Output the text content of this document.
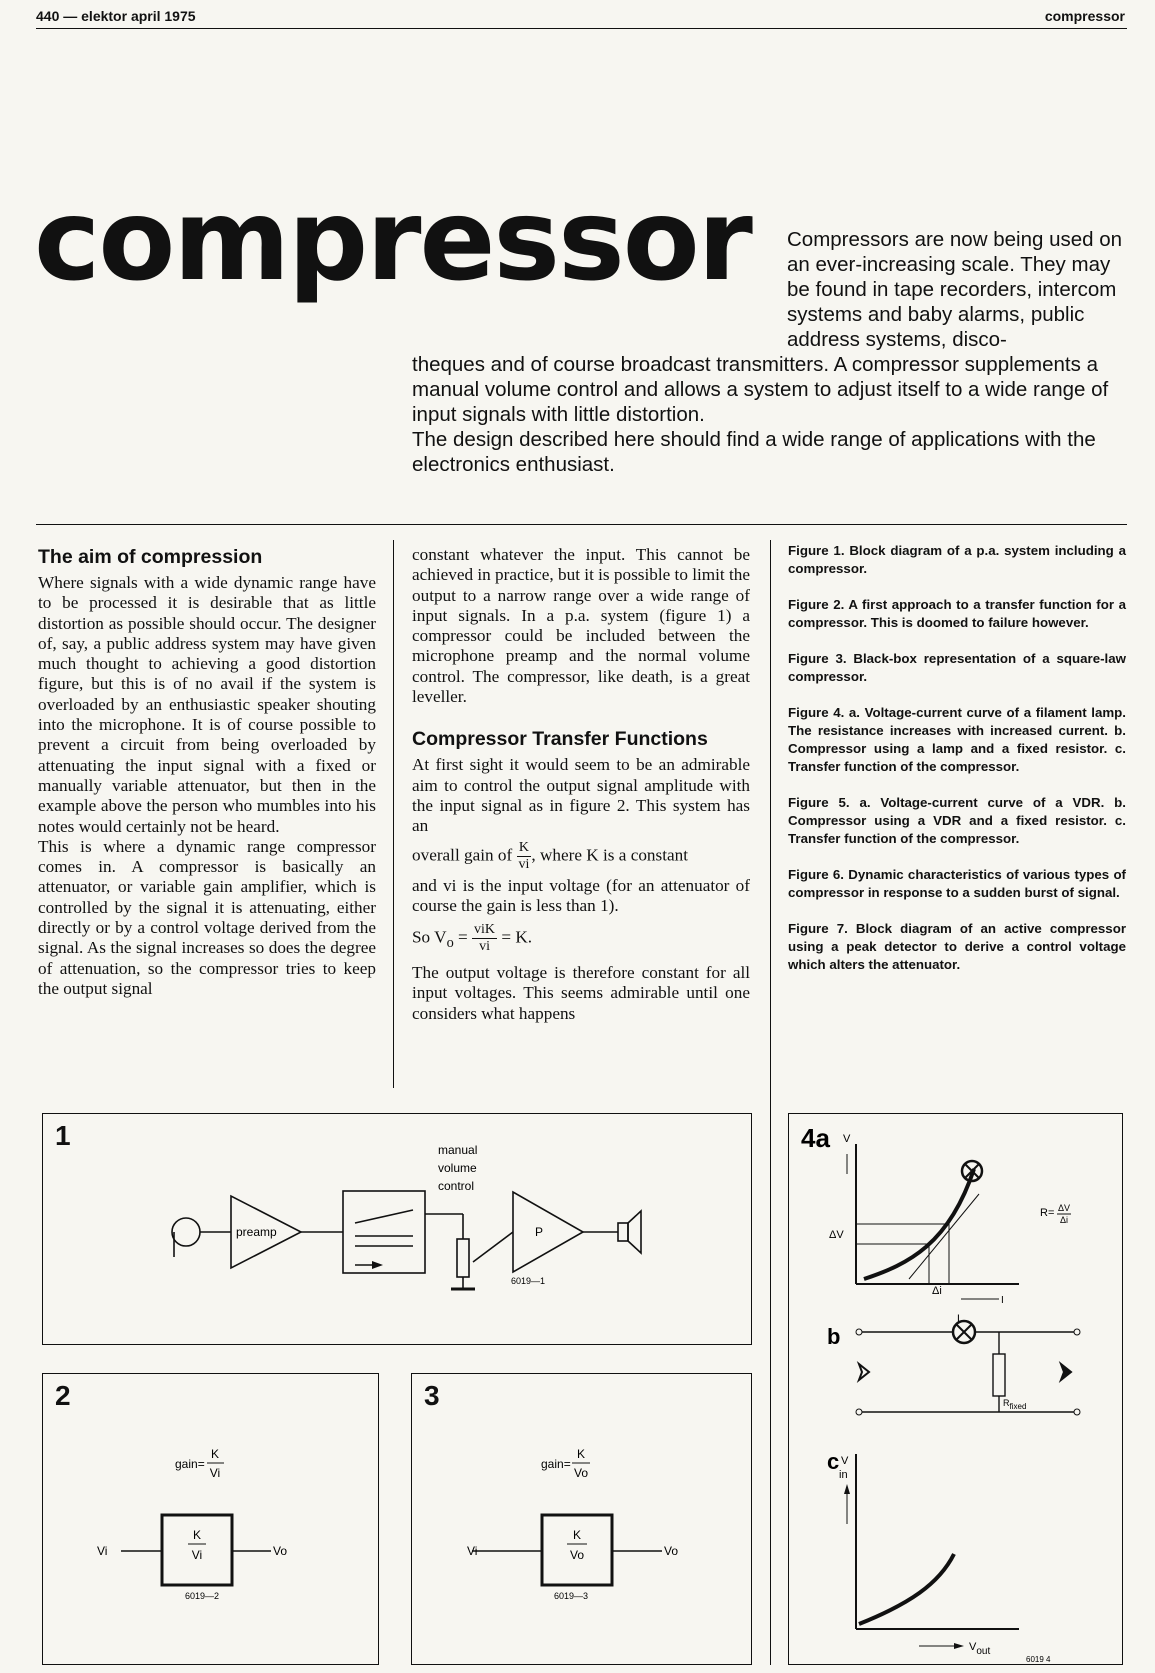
440 — elektor april 1975	compressor
compressor Compressors are now being used on an ever-increasing scale. They may be found in tape recorders, intercom systems and baby alarms, public address systems, disco-

theques and of course broadcast transmitters. A compressor supplements a manual volume control and allows a system to adjust itself to a wide range of input signals with little distortion.

The design described here should find a wide range of applications with the electronics enthusiast.

The aim of compression

Where signals with a wide dynamic range have to be processed it is desirable that as little distortion as possible should occur. The designer of, say, a public address system may have given much thought to achieving a good distortion figure, but this is of no avail if the system is overloaded by an enthusiastic speaker shouting into the microphone. It is of course possible to prevent a circuit from being overloaded by attenuating the input signal with a fixed or manually variable attenuator, but then in the example above the person who mumbles into his notes would certainly not be heard.

This is where a dynamic range compressor comes in. A compressor is basically an attenuator, or variable gain amplifier, which is controlled by the signal it is attenuating, either directly or by a control voltage derived from the signal. As the signal increases so does the degree of attenuation, so the compressor tries to keep the output signal

constant whatever the input. This cannot be achieved in practice, but it is possible to limit the output to a narrow range over a wide range of input signals. In a p.a. system (figure 1) a compressor could be included between the microphone preamp and the normal volume control. The compressor, like death, is a great leveller.

Compressor Transfer Functions

At first sight it would seem to be an admirable aim to control the output signal amplitude with the input signal as in figure 2. This system has an

overall gain of $\frac{K}{vi}$ , where K is a constant

and vi is the input voltage (for an attenuator of course the gain is less than 1).

So $V_o = \frac{\text{viK}}{vi} = K$.

The output voltage is therefore constant for all input voltages. This seems admirable until one considers what happens

Figure 1. Block diagram of a p.a. system including a compressor.

Figure 2. A first approach to a transfer function for a compressor. This is doomed to failure however.

Figure 3. Black-box representation of a square-law compressor.

Figure 4. a. Voltage-current curve of a filament lamp. The resistance increases with increased current. b. Compressor using a lamp and a fixed resistor. c. Transfer function of the compressor.

Figure 5. a. Voltage-current curve of a VDR. b. Compressor using a VDR and a fixed resistor. c. Transfer function of the compressor.

Figure 6. Dynamic characteristics of various types of compressor in response to a sudden burst of signal.

Figure 7. Block diagram of an active compressor using a peak detector to derive a control voltage which alters the attenuator.

1
preamp	P
manual
volume
control
6019—1
2
gain=
K
Vi
K
Vi
Vi	Vo
6019—2
3
gain=
K
Vo
K
Vo
Vi	Vo
6019—3
4a V
ΔV
Δi
I
R= ΔV
Δi
b
L
Rfixed
c V in
Vout
6019 4
